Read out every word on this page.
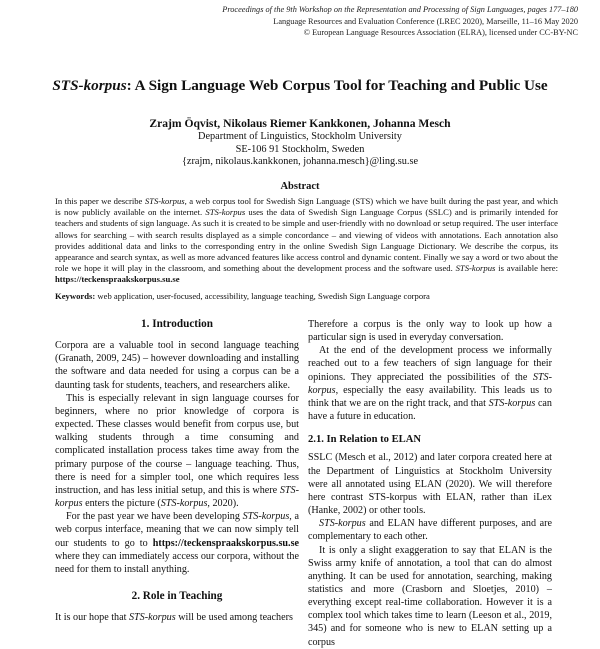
Proceedings of the 9th Workshop on the Representation and Processing of Sign Languages, pages 177–180
Language Resources and Evaluation Conference (LREC 2020), Marseille, 11–16 May 2020
© European Language Resources Association (ELRA), licensed under CC-BY-NC
STS-korpus: A Sign Language Web Corpus Tool for Teaching and Public Use
Zrajm Öqvist, Nikolaus Riemer Kankkonen, Johanna Mesch
Department of Linguistics, Stockholm University
SE-106 91 Stockholm, Sweden
{zrajm, nikolaus.kankkonen, johanna.mesch}@ling.su.se
Abstract
In this paper we describe STS-korpus, a web corpus tool for Swedish Sign Language (STS) which we have built during the past year, and which is now publicly available on the internet. STS-korpus uses the data of Swedish Sign Language Corpus (SSLC) and is primarily intended for teachers and students of sign language. As such it is created to be simple and user-friendly with no download or setup required. The user interface allows for searching – with search results displayed as a simple concordance – and viewing of videos with annotations. Each annotation also provides additional data and links to the corresponding entry in the online Swedish Sign Language Dictionary. We describe the corpus, its appearance and search syntax, as well as more advanced features like access control and dynamic content. Finally we say a word or two about the role we hope it will play in the classroom, and something about the development process and the software used. STS-korpus is available here: https://teckenspraakskorpus.su.se
Keywords: web application, user-focused, accessibility, language teaching, Swedish Sign Language corpora
1. Introduction

Corpora are a valuable tool in second language teaching (Granath, 2009, 245) – however downloading and installing the software and data needed for using a corpus can be a daunting task for students, teachers, and researchers alike.

This is especially relevant in sign language courses for beginners, where no prior knowledge of corpora is expected. These classes would benefit from corpus use, but walking students through a time consuming and complicated installation process takes time away from the primary purpose of the course – language teaching. Thus, there is need for a simpler tool, one which requires less instruction, and has less initial setup, and this is where STS-korpus enters the picture (STS-korpus, 2020).

For the past year we have been developing STS-korpus, a web corpus interface, meaning that we can now simply tell our students to go to https://teckenspraakskorpus.su.se where they can immediately access our corpora, without the need for them to install anything.

2. Role in Teaching

It is our hope that STS-korpus will be used among teachers

Therefore a corpus is the only way to look up how a particular sign is used in everyday conversation.

At the end of the development process we informally reached out to a few teachers of sign language for their opinions. They appreciated the possibilities of the STS-korpus, especially the easy availability. This leads us to think that we are on the right track, and that STS-korpus can have a future in education.

2.1. In Relation to ELAN

SSLC (Mesch et al., 2012) and later corpora created here at the Department of Linguistics at Stockholm University were all annotated using ELAN (2020). We will therefore here contrast STS-korpus with ELAN, rather than iLex (Hanke, 2002) or other tools.

STS-korpus and ELAN have different purposes, and are complementary to each other.

It is only a slight exaggeration to say that ELAN is the Swiss army knife of annotation, a tool that can do almost anything. It can be used for annotation, searching, making statistics and more (Crasborn and Sloetjes, 2010) – everything except real-time collaboration. However it is a complex tool which takes time to learn (Leeson et al., 2019, 345) and for someone who is new to ELAN setting up a corpus
